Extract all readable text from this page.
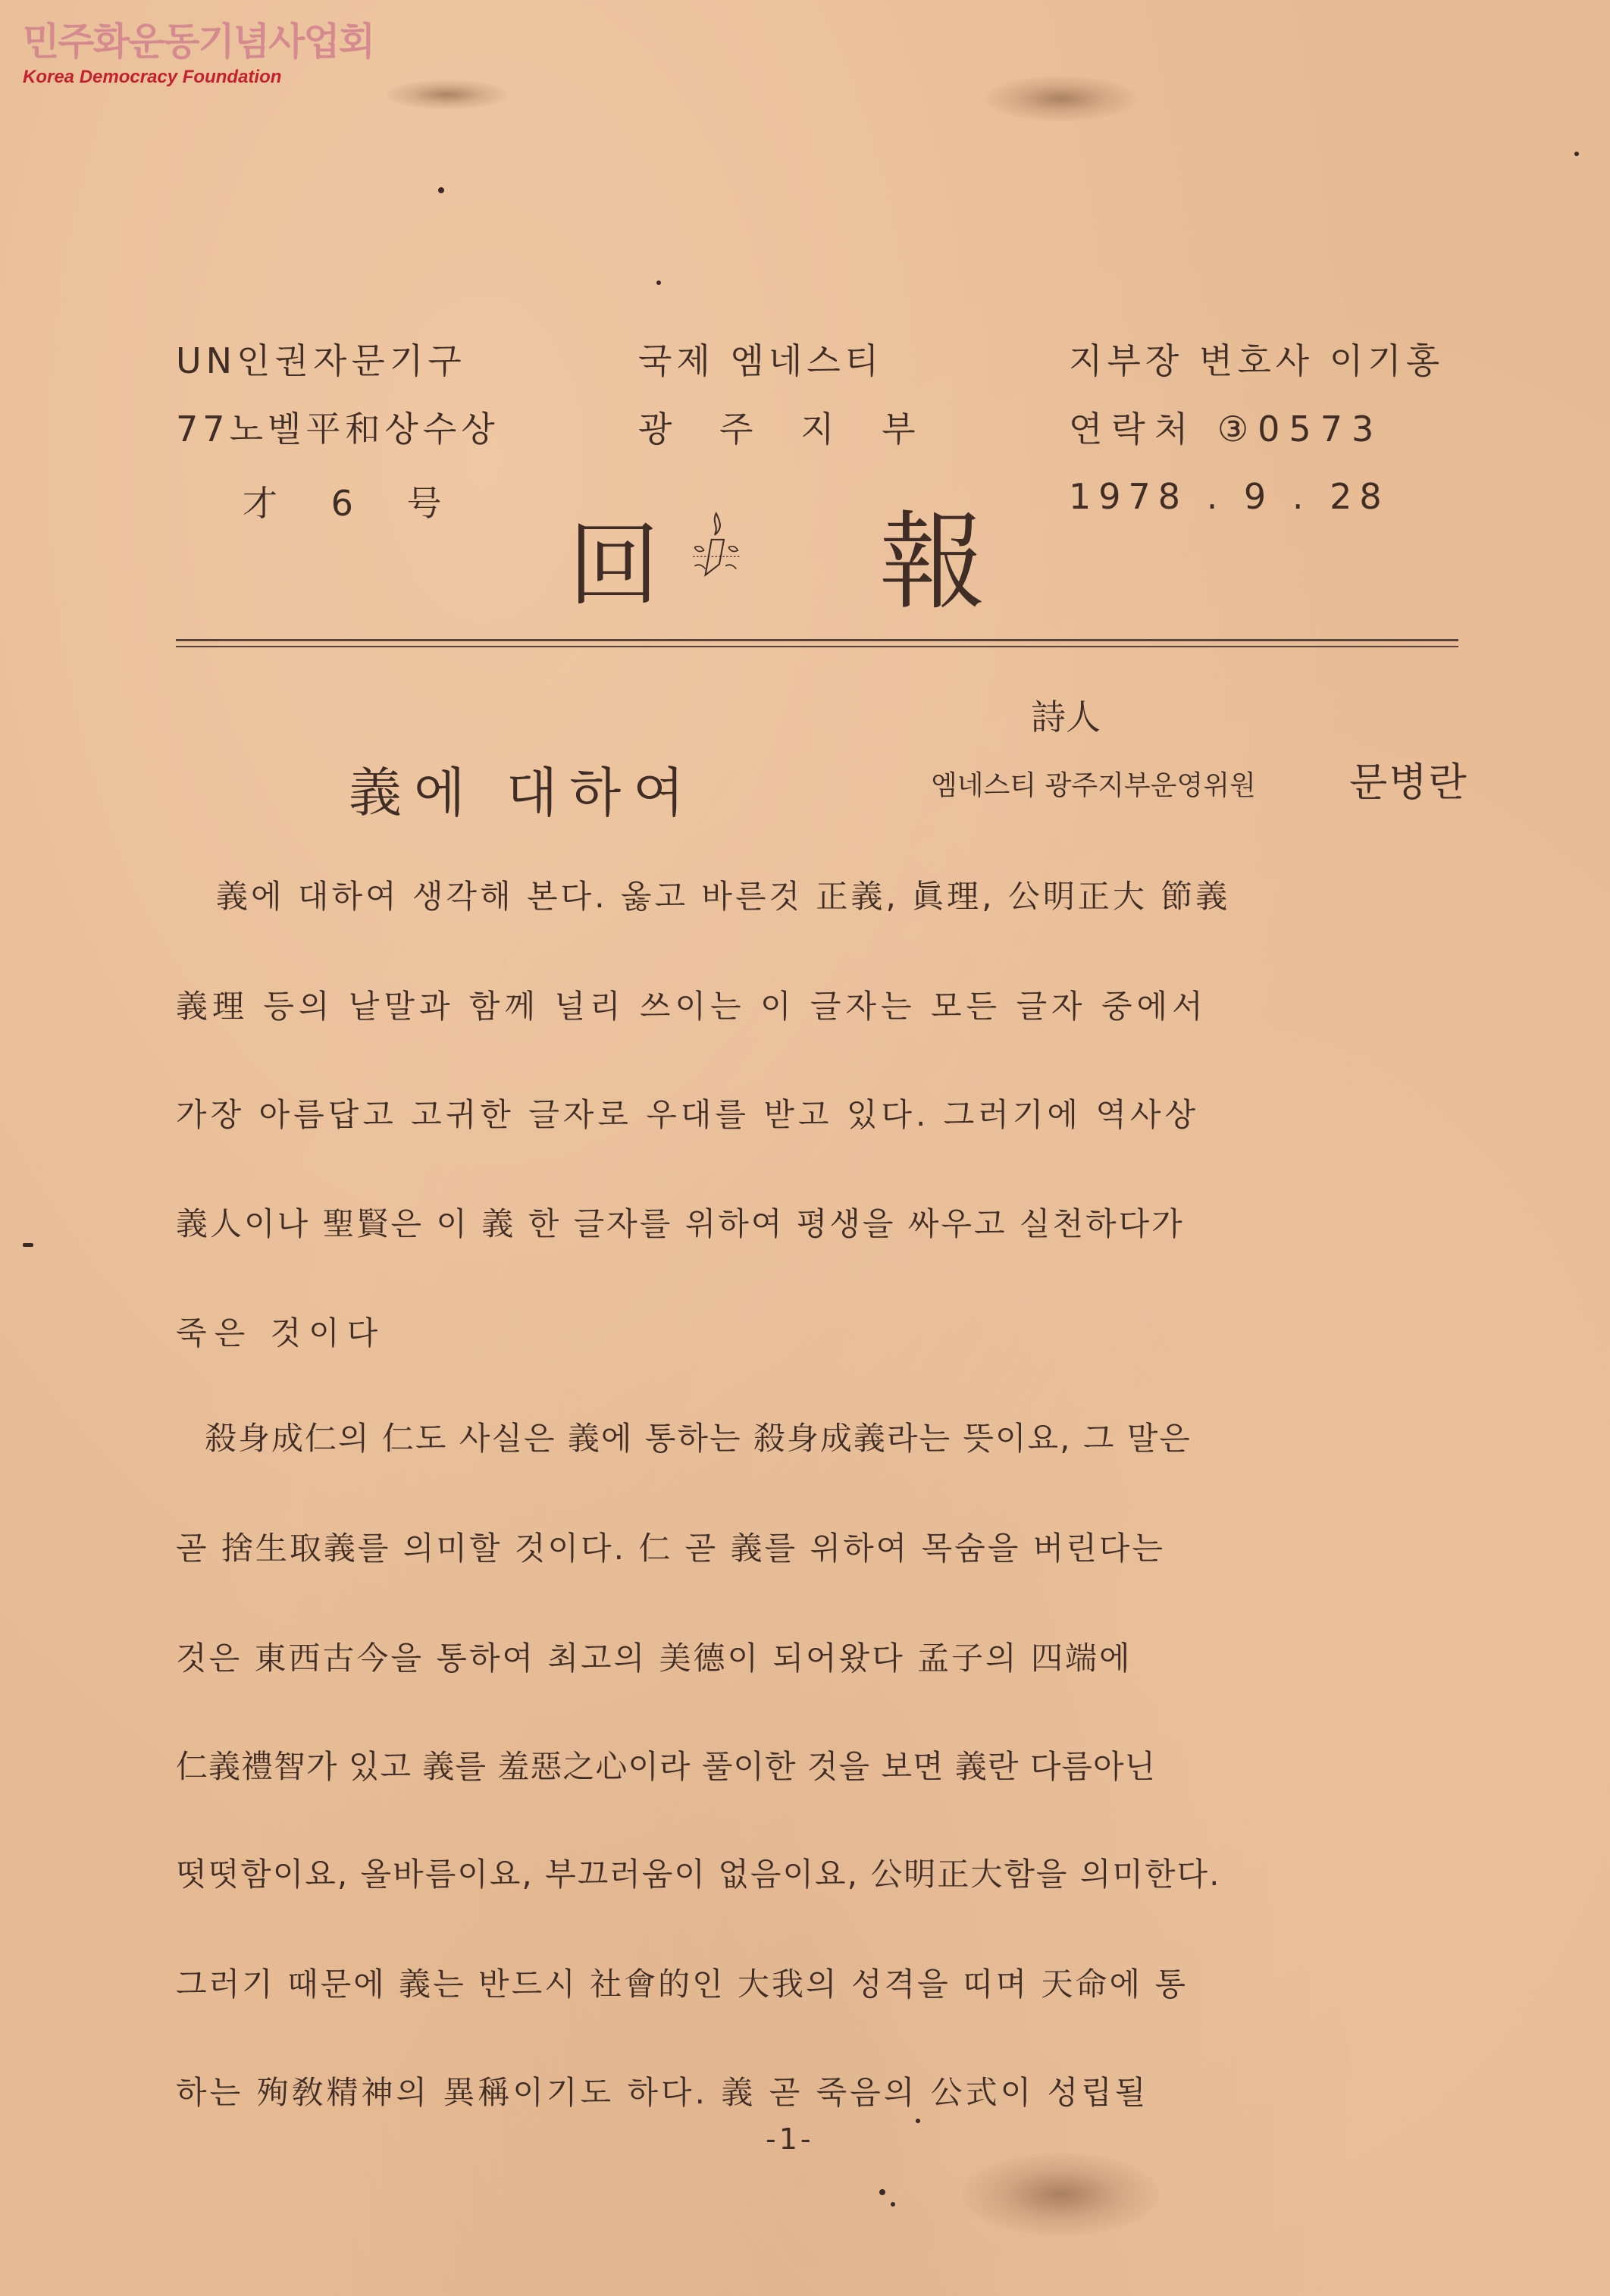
민주화운동기념사업회
Korea Democracy Foundation
UN인권자문기구
77노벨平和상수상
才 6 号
국제 엠네스티
광 주 지 부
지부장 변호사 이기홍
연락처 ③0573
1978 . 9 . 28
回 報
義에 대하여
詩人
엠네스티 광주지부운영위원 문병란
義에 대하여 생각해 본다. 옳고 바른것 正義, 眞理, 公明正大 節義
義理 등의 낱말과 함께 널리 쓰이는 이 글자는 모든 글자 중에서
가장 아름답고 고귀한 글자로 우대를 받고 있다. 그러기에 역사상
義人이나 聖賢은 이 義 한 글자를 위하여 평생을 싸우고 실천하다가
죽은 것이다
殺身成仁의 仁도 사실은 義에 통하는 殺身成義라는 뜻이요, 그 말은
곧 捨生取義를 의미할 것이다. 仁 곧 義를 위하여 목숨을 버린다는
것은 東西古今을 통하여 최고의 美德이 되어왔다 孟子의 四端에
仁義禮智가 있고 義를 羞惡之心이라 풀이한 것을 보면 義란 다름아닌
떳떳함이요, 올바름이요, 부끄러움이 없음이요, 公明正大함을 의미한다.
그러기 때문에 義는 반드시 社會的인 大我의 성격을 띠며 天命에 통
하는 殉敎精神의 異稱이기도 하다. 義 곧 죽음의 公式이 성립될
-1-
